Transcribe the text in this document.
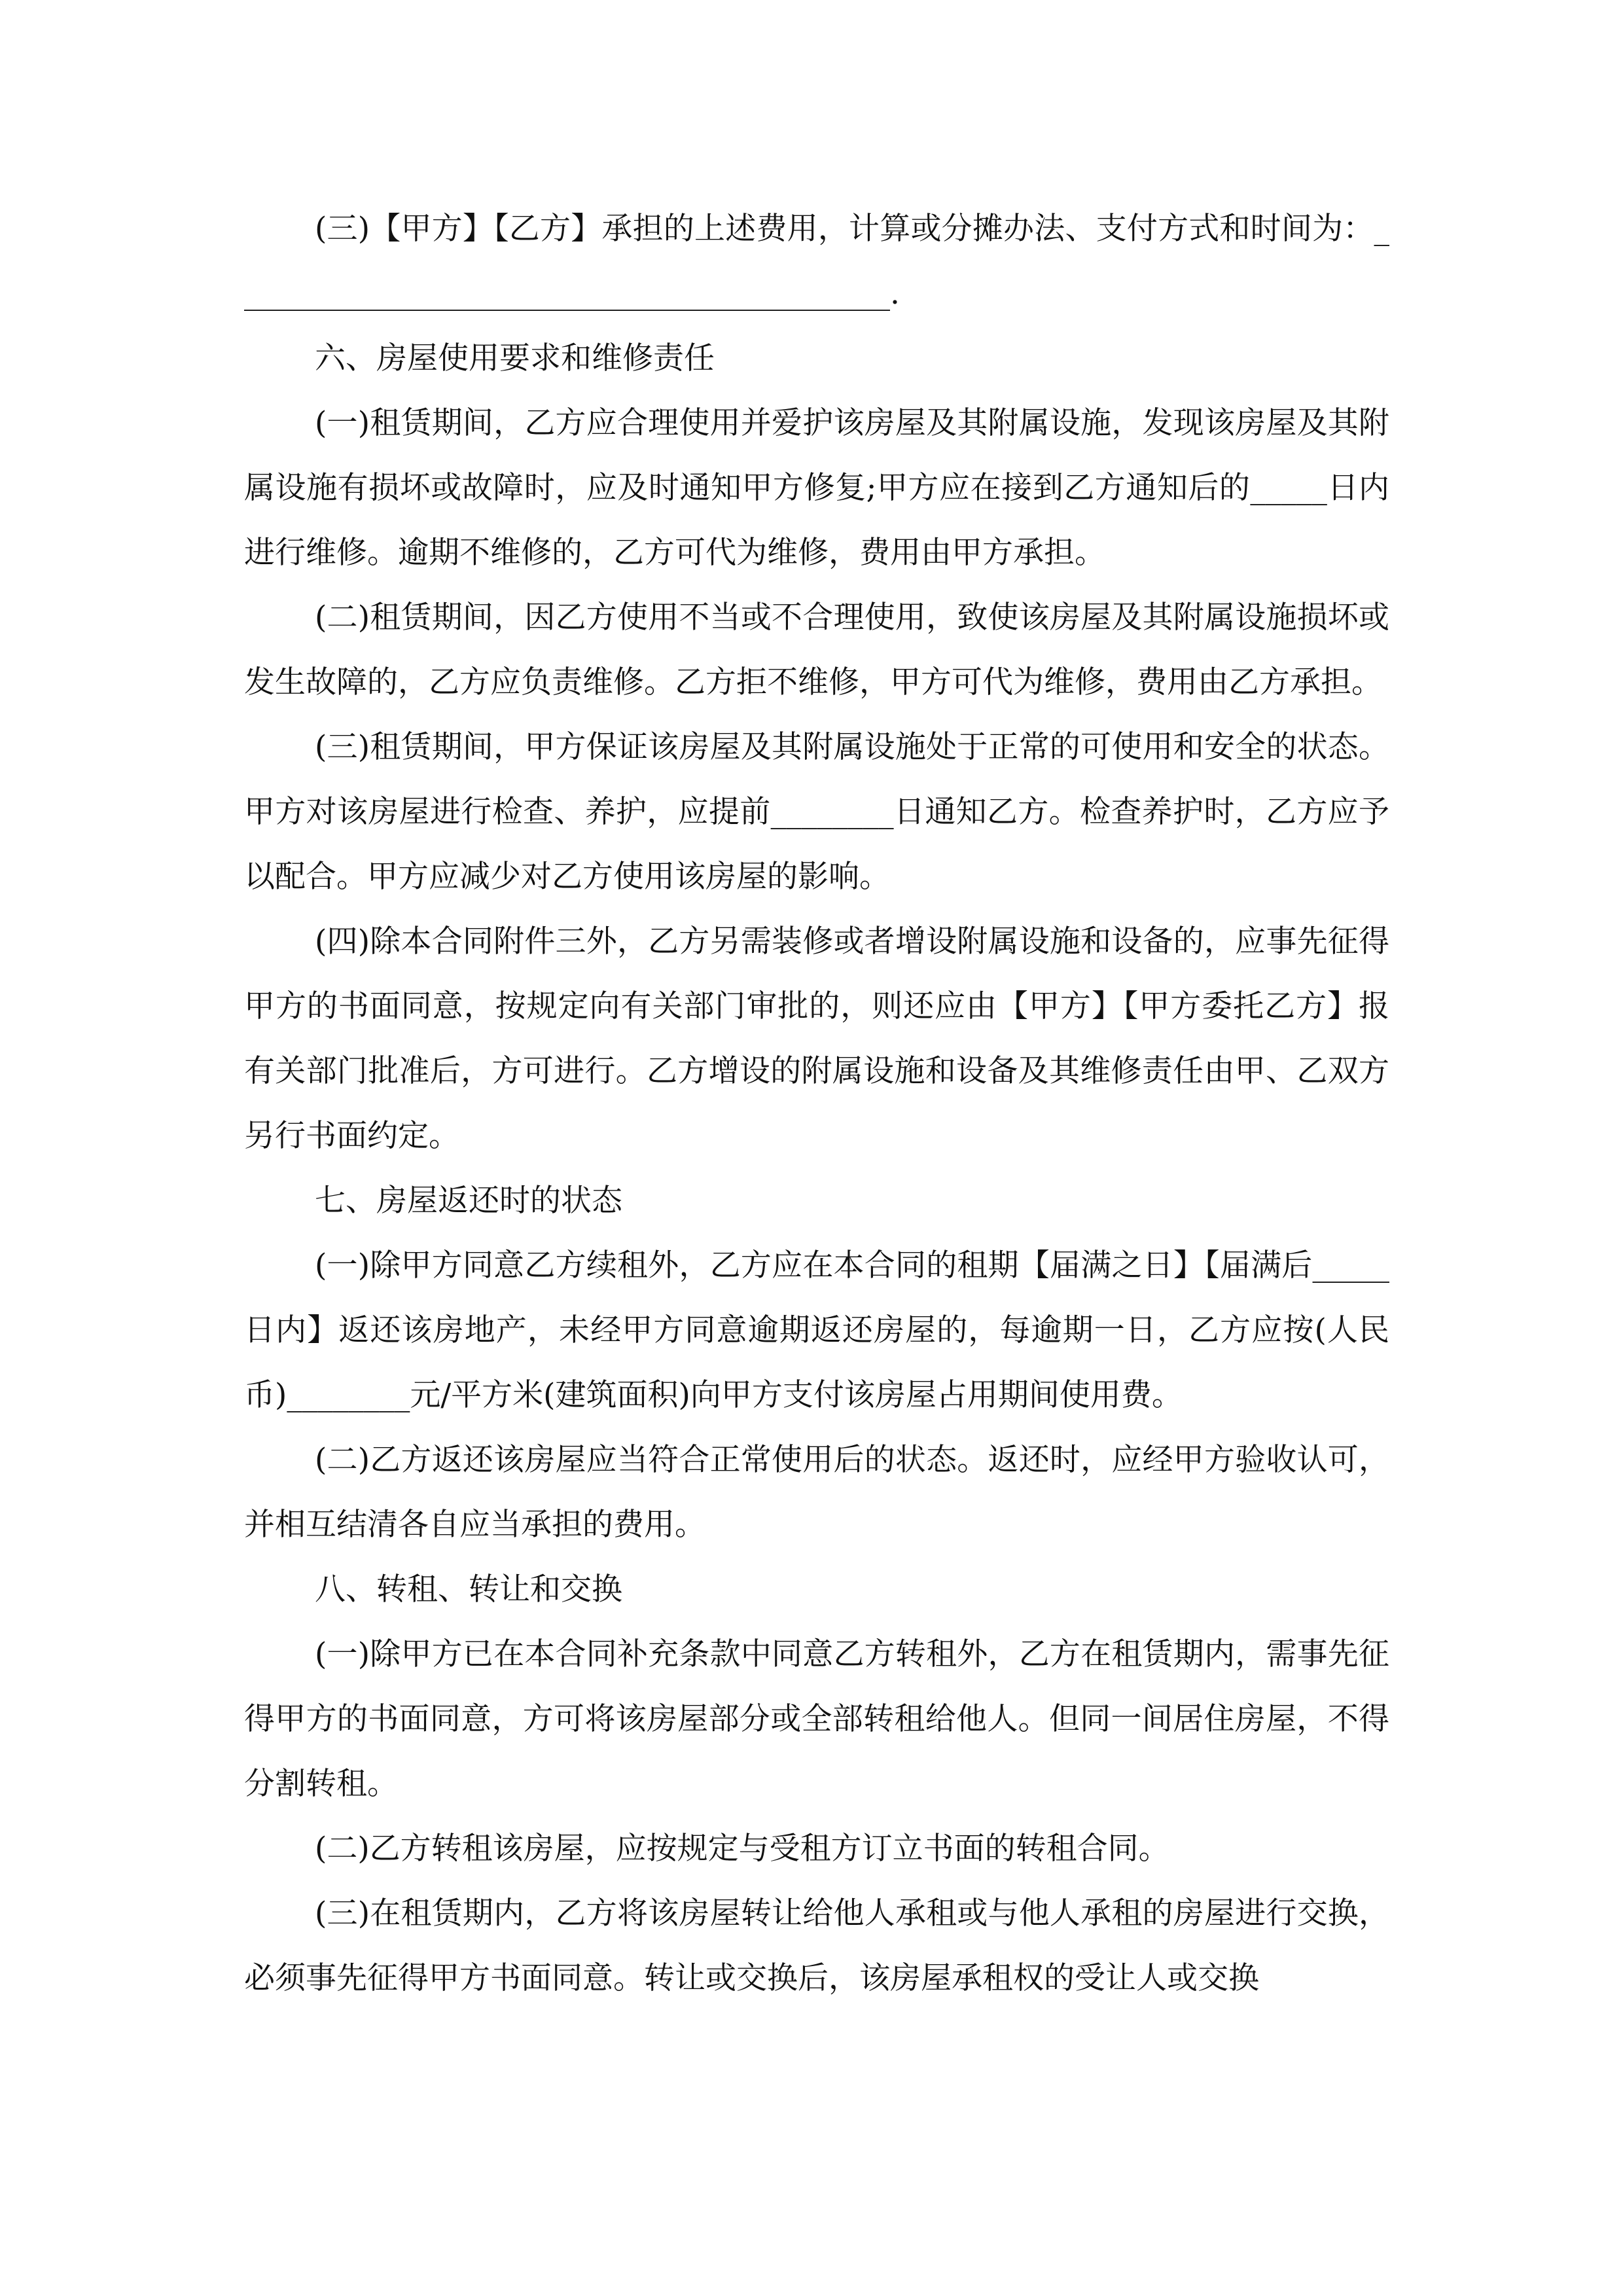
(三)【甲方】【乙方】承担的上述费用，计算或分摊办法、支付方式和时间为：___________________________________________.

六、房屋使用要求和维修责任

(一)租赁期间，乙方应合理使用并爱护该房屋及其附属设施，发现该房屋及其附属设施有损坏或故障时，应及时通知甲方修复;甲方应在接到乙方通知后的_____日内进行维修。逾期不维修的，乙方可代为维修，费用由甲方承担。

(二)租赁期间，因乙方使用不当或不合理使用，致使该房屋及其附属设施损坏或发生故障的，乙方应负责维修。乙方拒不维修，甲方可代为维修，费用由乙方承担。

(三)租赁期间，甲方保证该房屋及其附属设施处于正常的可使用和安全的状态。甲方对该房屋进行检查、养护，应提前________日通知乙方。检查养护时，乙方应予以配合。甲方应减少对乙方使用该房屋的影响。

(四)除本合同附件三外，乙方另需装修或者增设附属设施和设备的，应事先征得甲方的书面同意，按规定向有关部门审批的，则还应由【甲方】【甲方委托乙方】报有关部门批准后，方可进行。乙方增设的附属设施和设备及其维修责任由甲、乙双方另行书面约定。

七、房屋返还时的状态

(一)除甲方同意乙方续租外，乙方应在本合同的租期【届满之日】【届满后_____日内】返还该房地产，未经甲方同意逾期返还房屋的，每逾期一日，乙方应按(人民币)________元/平方米(建筑面积)向甲方支付该房屋占用期间使用费。

(二)乙方返还该房屋应当符合正常使用后的状态。返还时，应经甲方验收认可，并相互结清各自应当承担的费用。

八、转租、转让和交换

(一)除甲方已在本合同补充条款中同意乙方转租外，乙方在租赁期内，需事先征得甲方的书面同意，方可将该房屋部分或全部转租给他人。但同一间居住房屋，不得分割转租。

(二)乙方转租该房屋，应按规定与受租方订立书面的转租合同。

(三)在租赁期内，乙方将该房屋转让给他人承租或与他人承租的房屋进行交换，必须事先征得甲方书面同意。转让或交换后，该房屋承租权的受让人或交换
